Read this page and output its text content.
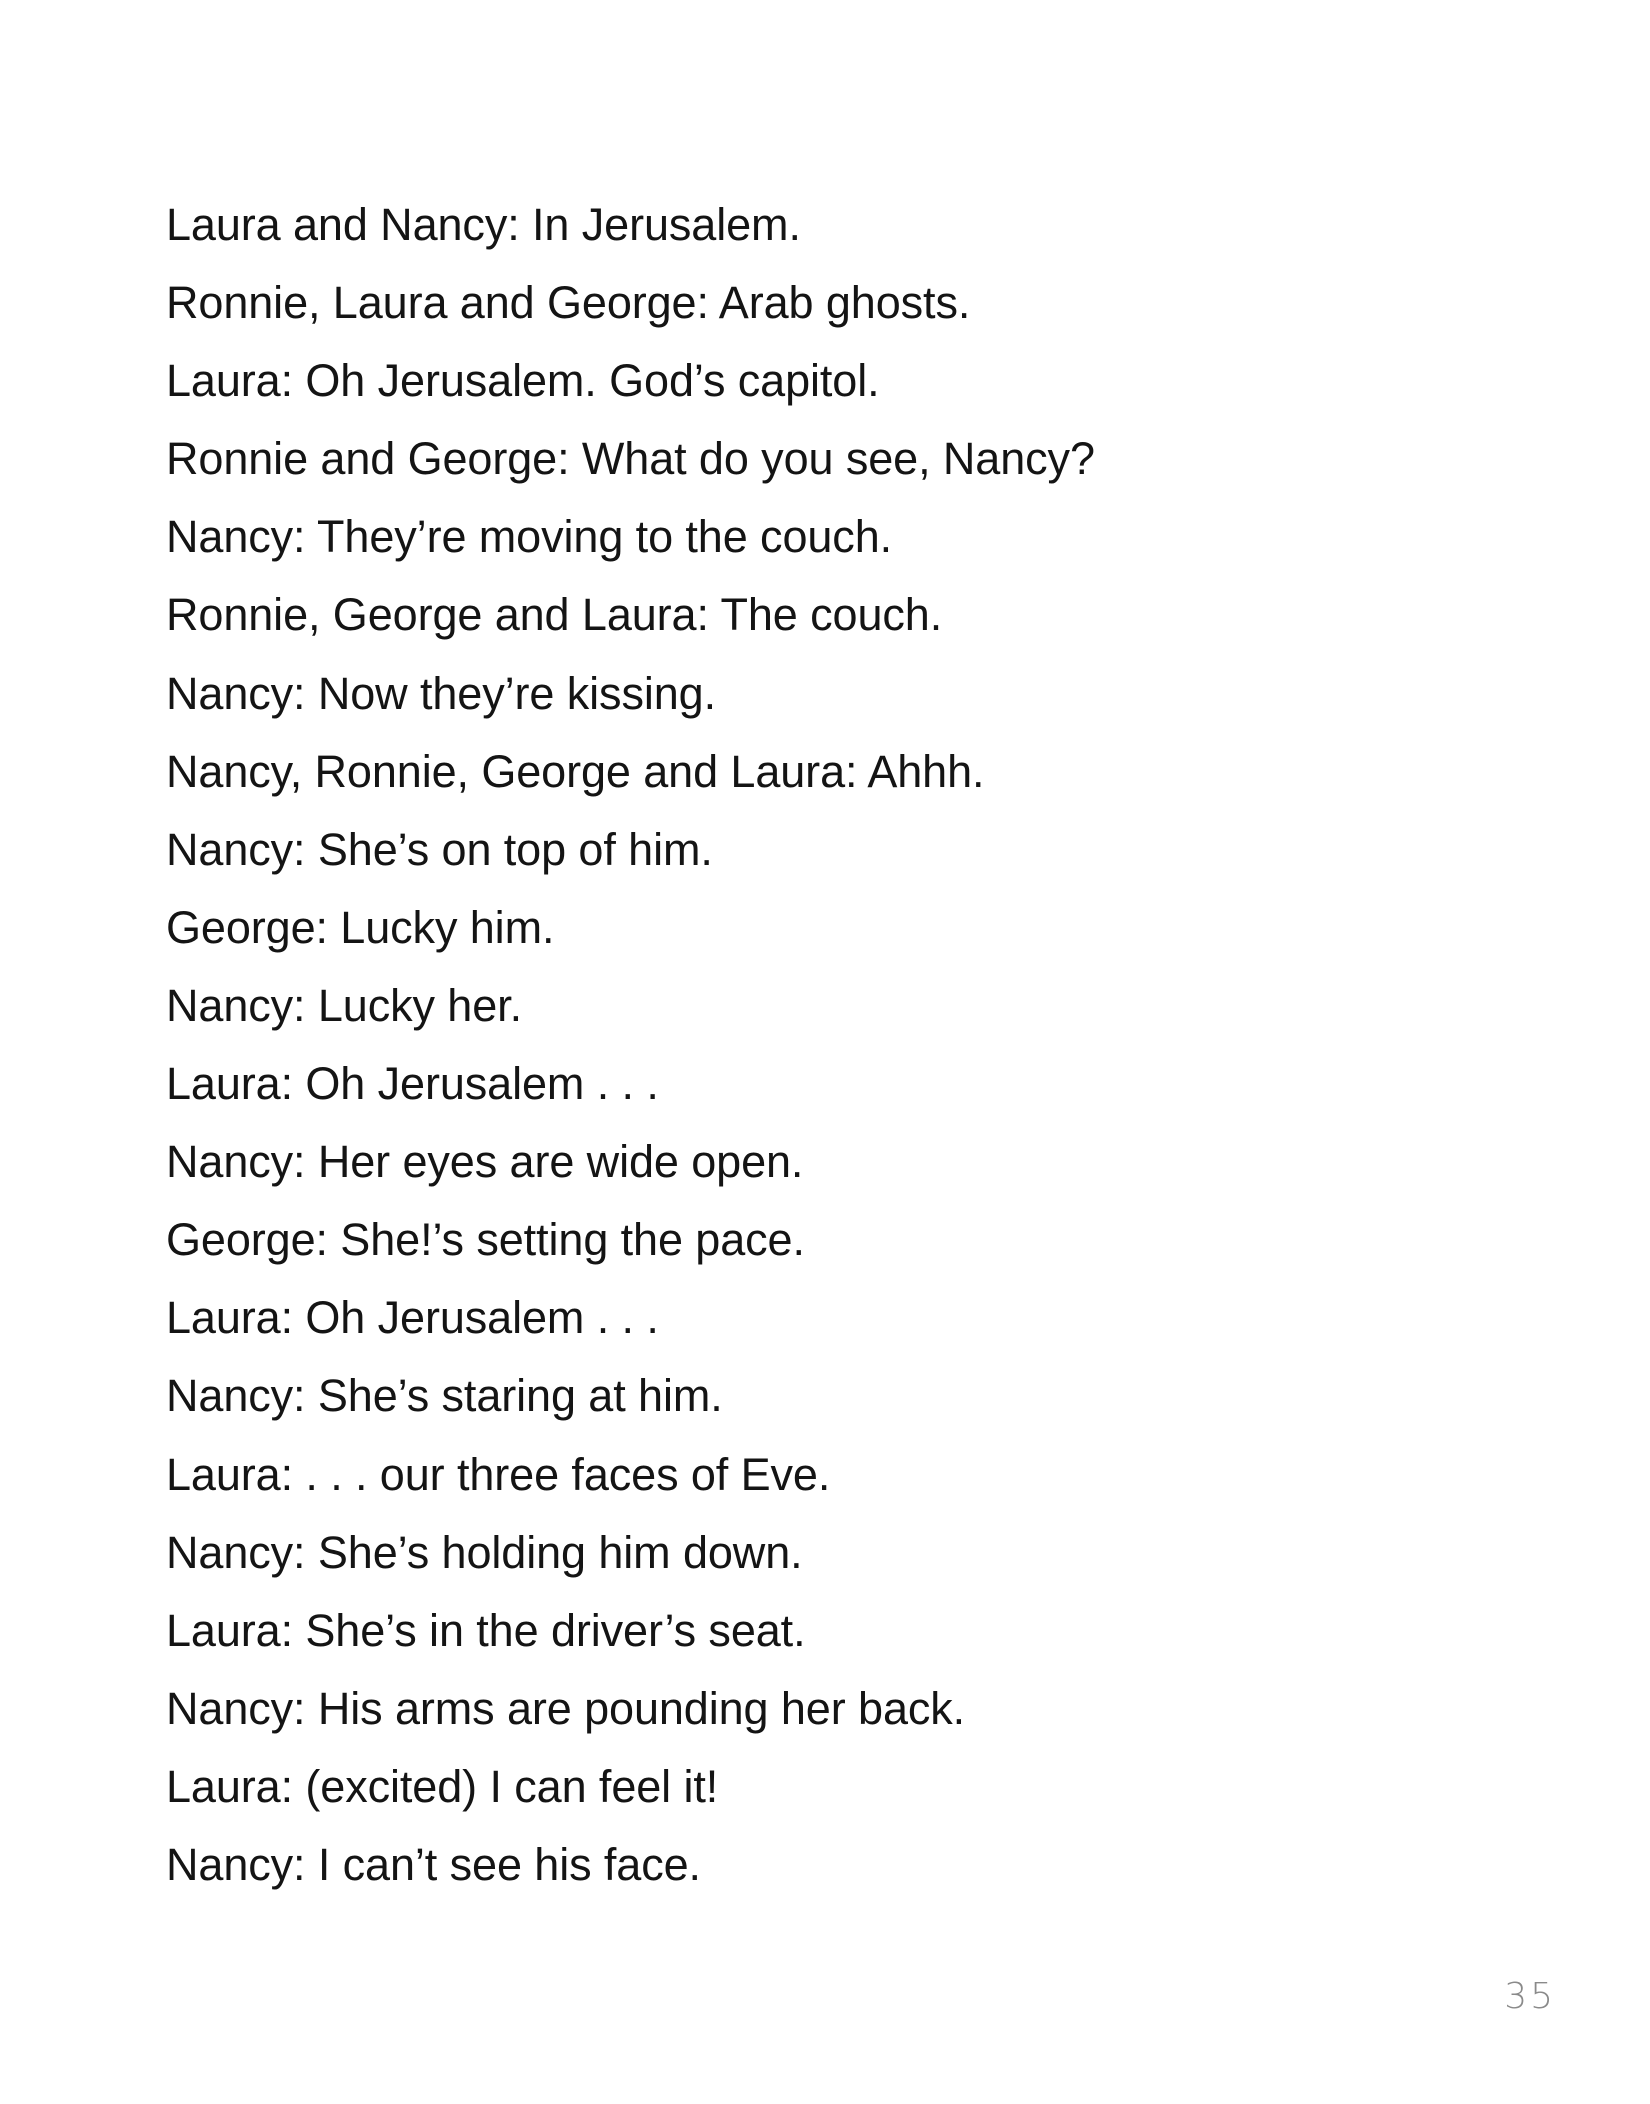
Laura and Nancy: In Jerusalem.
Ronnie, Laura and George: Arab ghosts.
Laura: Oh Jerusalem. God’s capitol.
Ronnie and George: What do you see, Nancy?
Nancy: They’re moving to the couch.
Ronnie, George and Laura: The couch.
Nancy: Now they’re kissing.
Nancy, Ronnie, George and Laura: Ahhh.
Nancy: She’s on top of him.
George: Lucky him.
Nancy: Lucky her.
Laura: Oh Jerusalem . . .
Nancy: Her eyes are wide open.
George: She!’s setting the pace.
Laura: Oh Jerusalem . . .
Nancy: She’s staring at him.
Laura: . . . our three faces of Eve.
Nancy: She’s holding him down.
Laura: She’s in the driver’s seat.
Nancy: His arms are pounding her back.
Laura: (excited) I can feel it!
Nancy: I can’t see his face.
35
